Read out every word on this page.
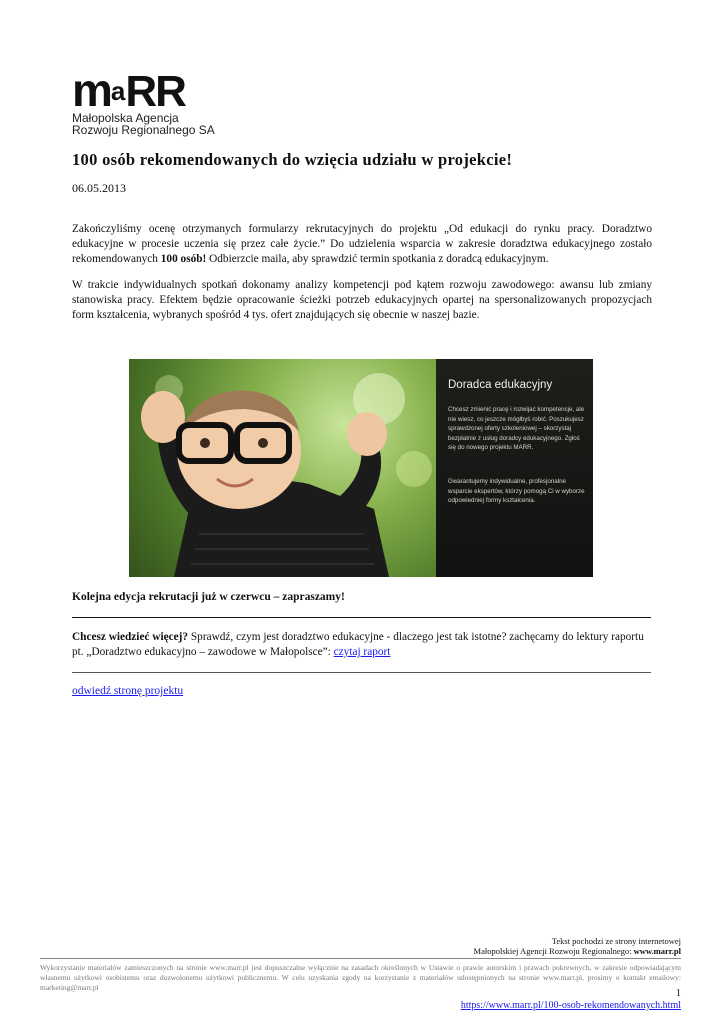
maRR
Małopolska Agencja
Rozwoju Regionalnego SA
100 osób rekomendowanych do wzięcia udziału w projekcie!
06.05.2013

Zakończyliśmy ocenę otrzymanych formularzy rekrutacyjnych do projektu „Od edukacji do rynku pracy. Doradztwo edukacyjne w procesie uczenia się przez całe życie.” Do udzielenia wsparcia w zakresie doradztwa edukacyjnego zostało rekomendowanych 100 osób! Odbierzcie maila, aby sprawdzić termin spotkania z doradcą edukacyjnym.

W trakcie indywidualnych spotkań dokonamy analizy kompetencji pod kątem rozwoju zawodowego: awansu lub zmiany stanowiska pracy. Efektem będzie opracowanie ścieżki potrzeb edukacyjnych opartej na spersonalizowanych propozycjach form kształcenia, wybranych spośród 4 tys. ofert znajdujących się obecnie w naszej bazie.

Doradca edukacyjny
Chcesz zmienić pracę i rozwijać kompetencje, ale nie wiesz, co jeszcze mógłbyś robić. Poszukujesz sprawdzonej oferty szkoleniowej – skorzystaj bezpłatnie z usług doradcy edukacyjnego. Zgłoś się do nowego projektu MARR.
Gwarantujemy indywidualne, profesjonalne wsparcie ekspertów, którzy pomogą Ci w wyborze odpowiedniej formy kształcenia.
Kolejna edycja rekrutacji już w czerwcu – zapraszamy!

Chcesz wiedzieć więcej? Sprawdź, czym jest doradztwo edukacyjne - dlaczego jest tak istotne? zachęcamy do lektury raportu pt. „Doradztwo edukacyjno – zawodowe w Małopolsce”: czytaj raport

odwiedź stronę projektu
Tekst pochodzi ze strony internetowej
Małopolskiej Agencji Rozwoju Regionalnego: www.marr.pl

Wykorzystanie materiałów zamieszczonych na stronie www.marr.pl jest dopuszczalne wyłącznie na zasadach określonych w Ustawie o prawie autorskim i prawach pokrewnych, w zakresie odpowiadającym własnemu użytkowi osobistemu oraz dozwolonemu użytkowi publicznemu. W celu uzyskania zgody na korzystanie z materiałów udostępnionych na stronie www.marr.pl, prosimy o kontakt emailowy: marketing@marr.pl

1
https://www.marr.pl/100-osob-rekomendowanych.html
